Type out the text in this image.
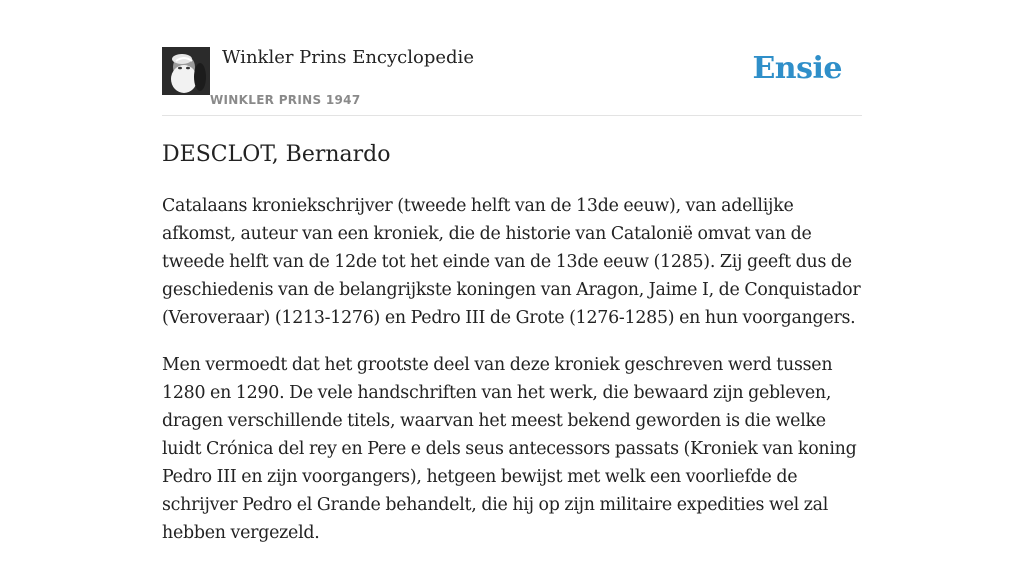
Winkler Prins Encyclopedie
WINKLER PRINS 1947
Ensie
DESCLOT, Bernardo

Catalaans kroniekschrijver (tweede helft van de 13de eeuw), van adellijke afkomst, auteur van een kroniek, die de historie van Catalonië omvat van de tweede helft van de 12de tot het einde van de 13de eeuw (1285). Zij geeft dus de geschiedenis van de belangrijkste koningen van Aragon, Jaime I, de Conquistador (Veroveraar) (1213-1276) en Pedro III de Grote (1276-1285) en hun voorgangers.

Men vermoedt dat het grootste deel van deze kroniek geschreven werd tussen 1280 en 1290. De vele handschriften van het werk, die bewaard zijn gebleven, dragen verschillende titels, waarvan het meest bekend geworden is die welke luidt Crónica del rey en Pere e dels seus antecessors passats (Kroniek van koning Pedro III en zijn voorgangers), hetgeen bewijst met welk een voorliefde de schrijver Pedro el Grande behandelt, die hij op zijn militaire expedities wel zal hebben vergezeld.
